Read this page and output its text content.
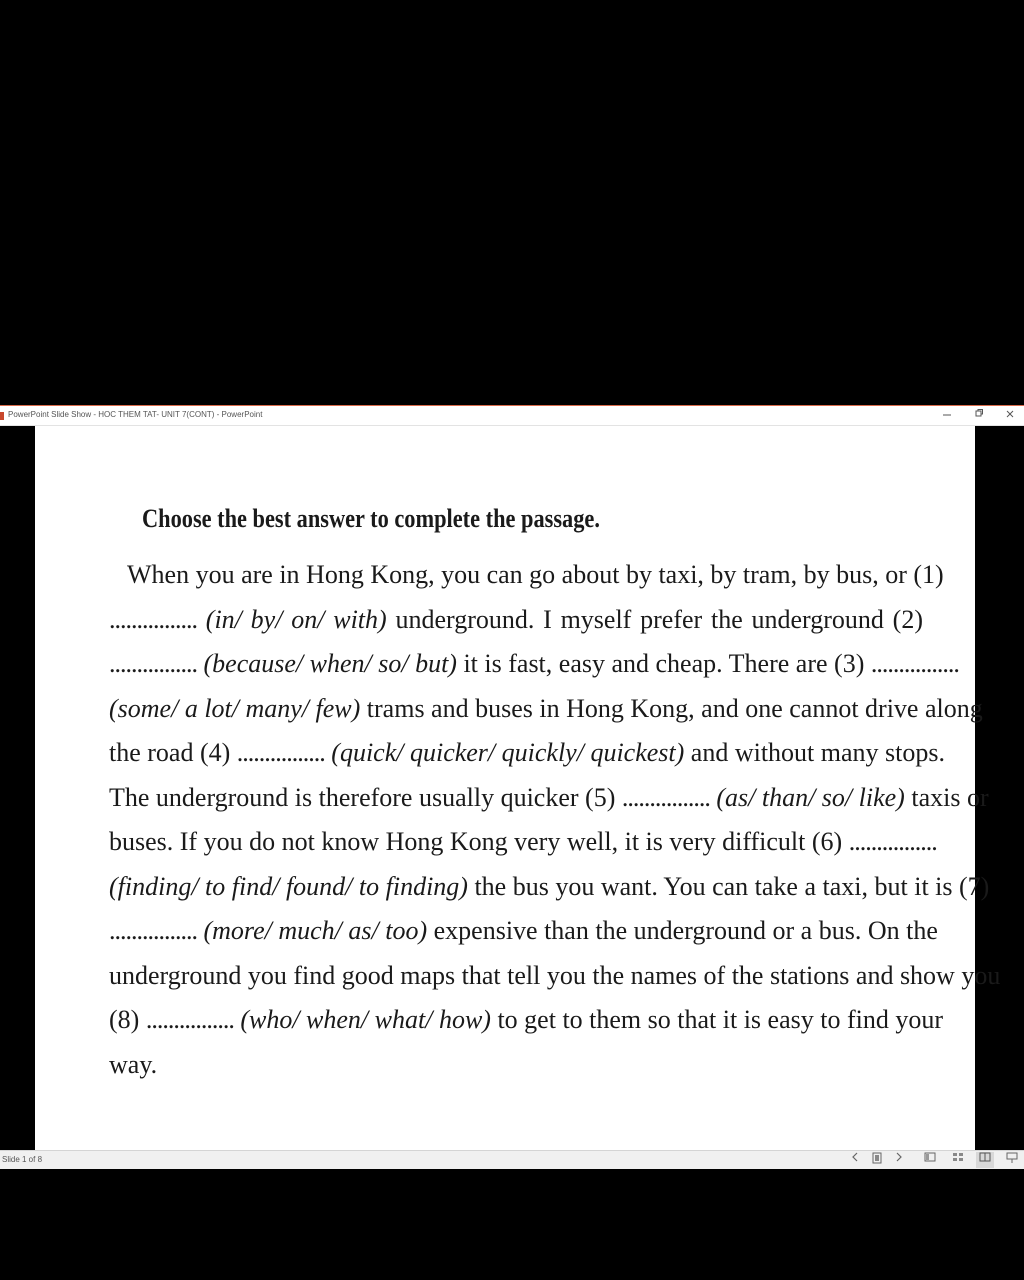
PowerPoint Slide Show - HOC THEM TAT- UNIT 7(CONT) - PowerPoint
Choose the best answer to complete the passage.
When you are in Hong Kong, you can go about by taxi, by tram, by bus, or (1)
................ (in/ by/ on/ with) underground. I myself prefer the underground (2)
................ (because/ when/ so/ but) it is fast, easy and cheap. There are (3) ................
(some/ a lot/ many/ few) trams and buses in Hong Kong, and one cannot drive along
the road (4) ................ (quick/ quicker/ quickly/ quickest) and without many stops.
The underground is therefore usually quicker (5) ................ (as/ than/ so/ like) taxis or
buses. If you do not know Hong Kong very well, it is very difficult (6) ................
(finding/ to find/ found/ to finding) the bus you want. You can take a taxi, but it is (7)
................ (more/ much/ as/ too) expensive than the underground or a bus. On the
underground you find good maps that tell you the names of the stations and show you
(8) ................ (who/ when/ what/ how) to get to them so that it is easy to find your
way.
Slide 1 of 8
